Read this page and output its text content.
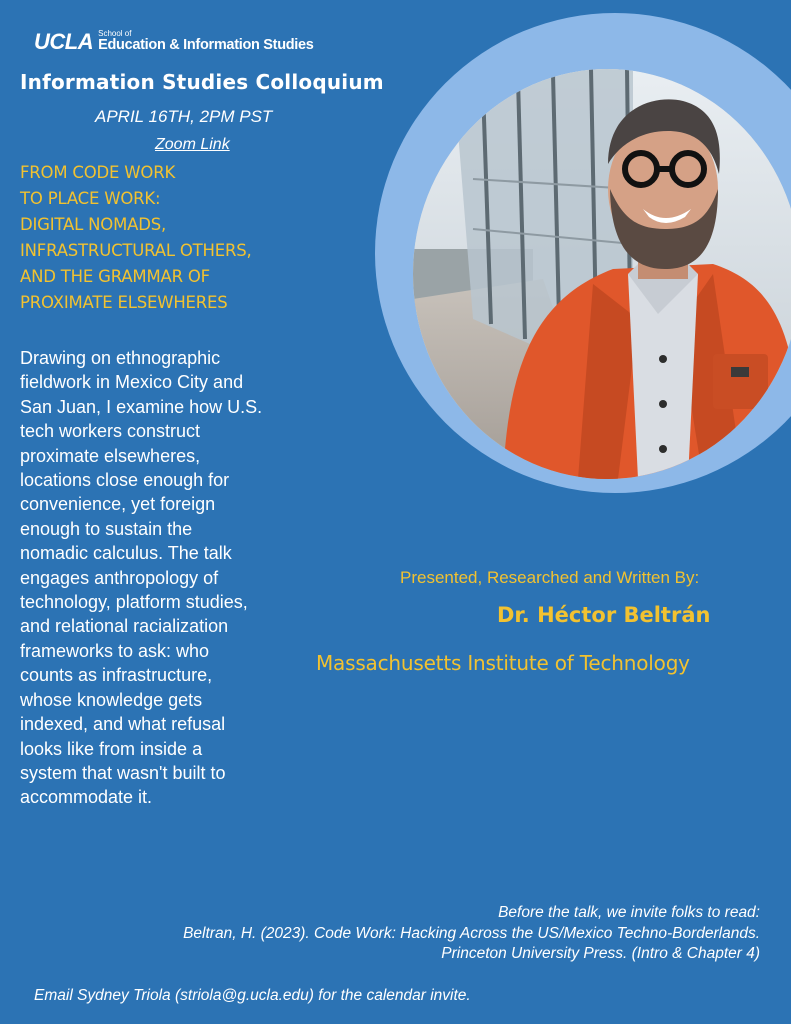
UCLA School of
Education & Information Studies
Information Studies Colloquium
APRIL 16TH, 2PM PST
Zoom Link
FROM CODE WORK
TO PLACE WORK:
DIGITAL NOMADS,
INFRASTRUCTURAL OTHERS,
AND THE GRAMMAR OF
PROXIMATE ELSEWHERES
Drawing on ethnographic
fieldwork in Mexico City and
San Juan, I examine how U.S.
tech workers construct
proximate elsewheres,
locations close enough for
convenience, yet foreign
enough to sustain the
nomadic calculus. The talk
engages anthropology of
technology, platform studies,
and relational racialization
frameworks to ask: who
counts as infrastructure,
whose knowledge gets
indexed, and what refusal
looks like from inside a
system that wasn't built to
accommodate it.
Presented, Researched and Written By:
Dr. Héctor Beltrán
Massachusetts Institute of Technology
Before the talk, we invite folks to read:
Beltran, H. (2023). Code Work: Hacking Across the US/Mexico Techno-Borderlands.
Princeton University Press. (Intro & Chapter 4)
Email Sydney Triola (striola@g.ucla.edu) for the calendar invite.
